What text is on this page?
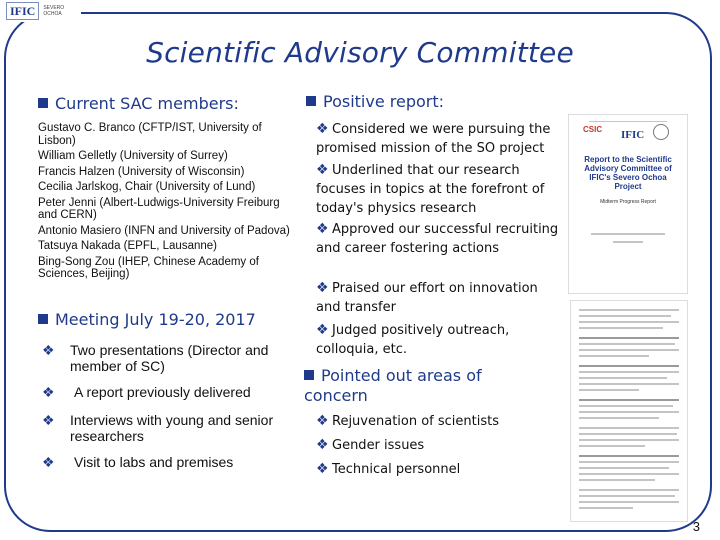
IFIC	SEVERO OCHOA
Scientific Advisory Committee
Current SAC members:
Gustavo C. Branco (CFTP/IST, University of Lisbon)
William Gelletly (University of Surrey)
Francis Halzen (University of Wisconsin)
Cecilia Jarlskog, Chair (University of Lund)
Peter Jenni (Albert-Ludwigs-University Freiburg and CERN)
Antonio Masiero (INFN and University of Padova)
Tatsuya Nakada (EPFL, Lausanne)
Bing-Song Zou (IHEP, Chinese Academy of Sciences, Beijing)
Meeting July 19-20, 2017
❖	Two presentations (Director and member of SC)
❖	A report previously delivered
❖	Interviews with young and senior researchers
❖	Visit to labs and premises
Positive report:
❖ Considered we were pursuing the promised mission of the SO project
❖ Underlined that our research focuses in topics at the forefront of today's physics research
❖ Approved our successful recruiting and career fostering actions
❖ Praised our effort on innovation and transfer
❖ Judged positively outreach, colloquia, etc.
Pointed out areas of concern
❖ Rejuvenation of scientists
❖ Gender issues
❖ Technical personnel
CSIC IFIC
Report to the Scientific Advisory Committee of IFIC's Severo Ochoa Project
Midterm Progress Report
3
